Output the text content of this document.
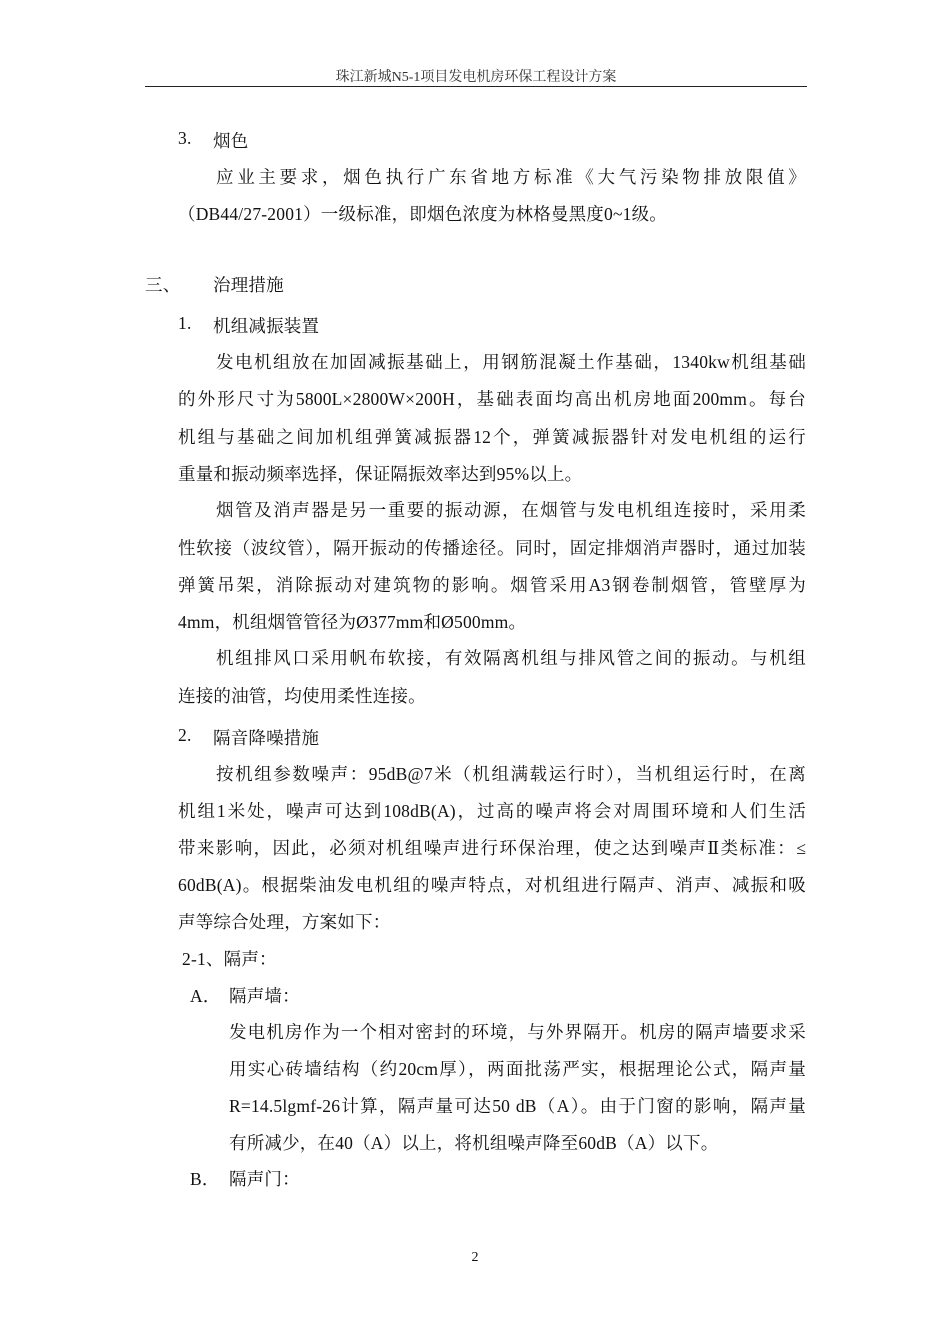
珠江新城N5-1项目发电机房环保工程设计方案
3. 烟色
应业主要求，烟色执行广东省地方标准《大气污染物排放限值》
（DB44/27-2001）一级标准，即烟色浓度为林格曼黑度0~1级。
三、 治理措施
1. 机组减振装置
发电机组放在加固减振基础上，用钢筋混凝土作基础，1340kw机组基础
的外形尺寸为5800L×2800W×200H，基础表面均高出机房地面200mm。每台
机组与基础之间加机组弹簧减振器12个，弹簧减振器针对发电机组的运行
重量和振动频率选择，保证隔振效率达到95%以上。
烟管及消声器是另一重要的振动源，在烟管与发电机组连接时，采用柔
性软接（波纹管），隔开振动的传播途径。同时，固定排烟消声器时，通过加装
弹簧吊架，消除振动对建筑物的影响。烟管采用A3钢卷制烟管，管壁厚为
4mm，机组烟管管径为Ø377mm和Ø500mm。
机组排风口采用帆布软接，有效隔离机组与排风管之间的振动。与机组
连接的油管，均使用柔性连接。
2. 隔音降噪措施
按机组参数噪声：95dB@7米（机组满载运行时），当机组运行时，在离
机组1米处，噪声可达到108dB(A)，过高的噪声将会对周围环境和人们生活
带来影响，因此，必须对机组噪声进行环保治理，使之达到噪声Ⅱ类标准：≤
60dB(A)。根据柴油发电机组的噪声特点，对机组进行隔声、消声、减振和吸
声等综合处理，方案如下：
2-1、隔声：
A． 隔声墙：
发电机房作为一个相对密封的环境，与外界隔开。机房的隔声墙要求采
用实心砖墙结构（约20cm厚），两面批荡严实，根据理论公式，隔声量
R=14.5lgmf-26计算，隔声量可达50 dB（A）。由于门窗的影响，隔声量
有所减少，在40（A）以上，将机组噪声降至60dB（A）以下。
B． 隔声门：
2
